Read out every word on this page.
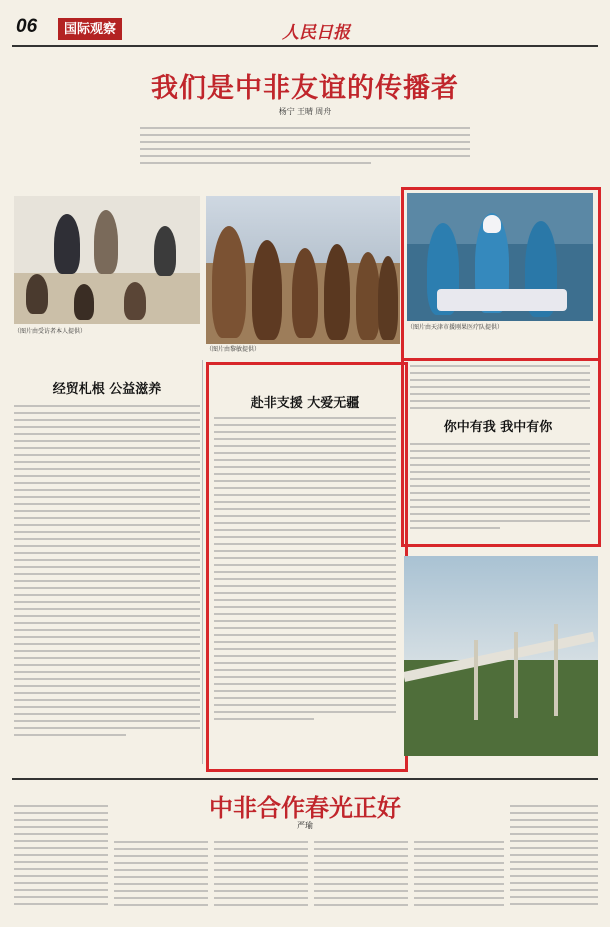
06	国际观察	人民日报
我们是中非友谊的传播者
杨宁 王晴 周舟
（图片由受访者本人提供）
（图片由黎敏提供）
（图片由天津市援刚果医疗队提供）
经贸札根 公益滋养
赴非支援 大爱无疆
你中有我 我中有你
中非合作春光正好
严瑜
